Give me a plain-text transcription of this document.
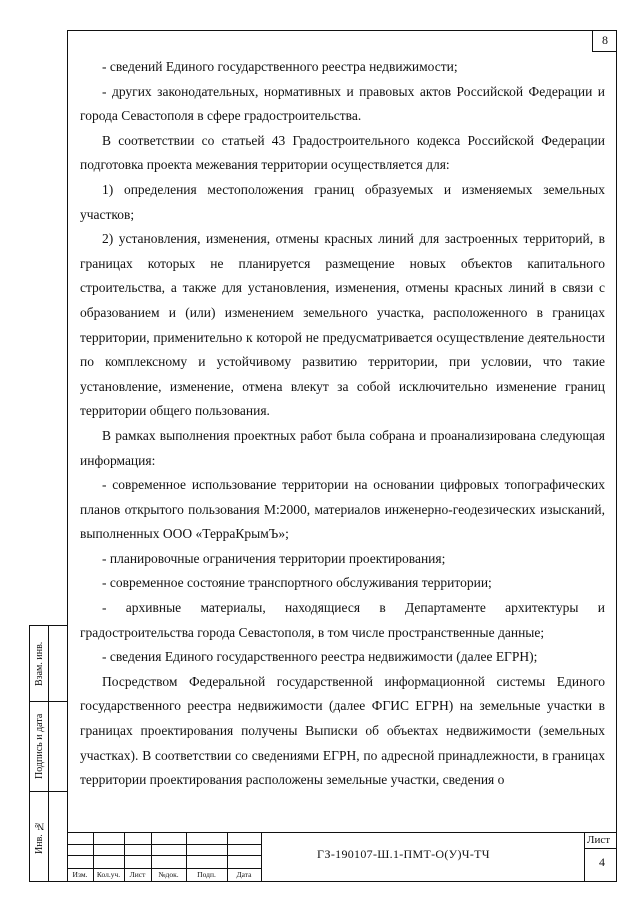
8

- сведений Единого государственного реестра недвижимости;

- других законодательных, нормативных и правовых актов Российской Федерации и города Севастополя в сфере градостроительства.

В соответствии со статьей 43 Градостроительного кодекса Российской Федерации подготовка проекта межевания территории осуществляется для:

1) определения местоположения границ образуемых и изменяемых земельных участков;

2) установления, изменения, отмены красных линий для застроенных территорий, в границах которых не планируется размещение новых объектов капитального строительства, а также для установления, изменения, отмены красных линий в связи с образованием и (или) изменением земельного участка, расположенного в границах территории, применительно к которой не предусматривается осуществление деятельности по комплексному и устойчивому развитию территории, при условии, что такие установление, изменение, отмена влекут за собой исключительно изменение границ территории общего пользования.

В рамках выполнения проектных работ была собрана и проанализирована следующая информация:

- современное использование территории на основании цифровых топографических планов открытого пользования М:2000, материалов инженерно-геодезических изысканий, выполненных ООО «ТерраКрымЪ»;

- планировочные ограничения территории проектирования;

- современное состояние транспортного обслуживания территории;

- архивные материалы, находящиеся в Департаменте архитектуры и градостроительства города Севастополя, в том числе пространственные данные;

- сведения Единого государственного реестра недвижимости (далее ЕГРН);

Посредством Федеральной государственной информационной системы Единого государственного реестра недвижимости (далее ФГИС ЕГРН) на земельные участки в границах проектирования получены Выписки об объектах недвижимости (земельных участках). В соответствии со сведениями ЕГРН, по адресной принадлежности, в границах территории проектирования расположены земельные участки, сведения о

Взам. инв.
Подпись и дата
Инв. №
Изм.	Кол.уч.	Лист	№док.	Подп.	Дата
ГЗ-190107-Ш.1-ПМТ-О(У)Ч-ТЧ
Лист
4
